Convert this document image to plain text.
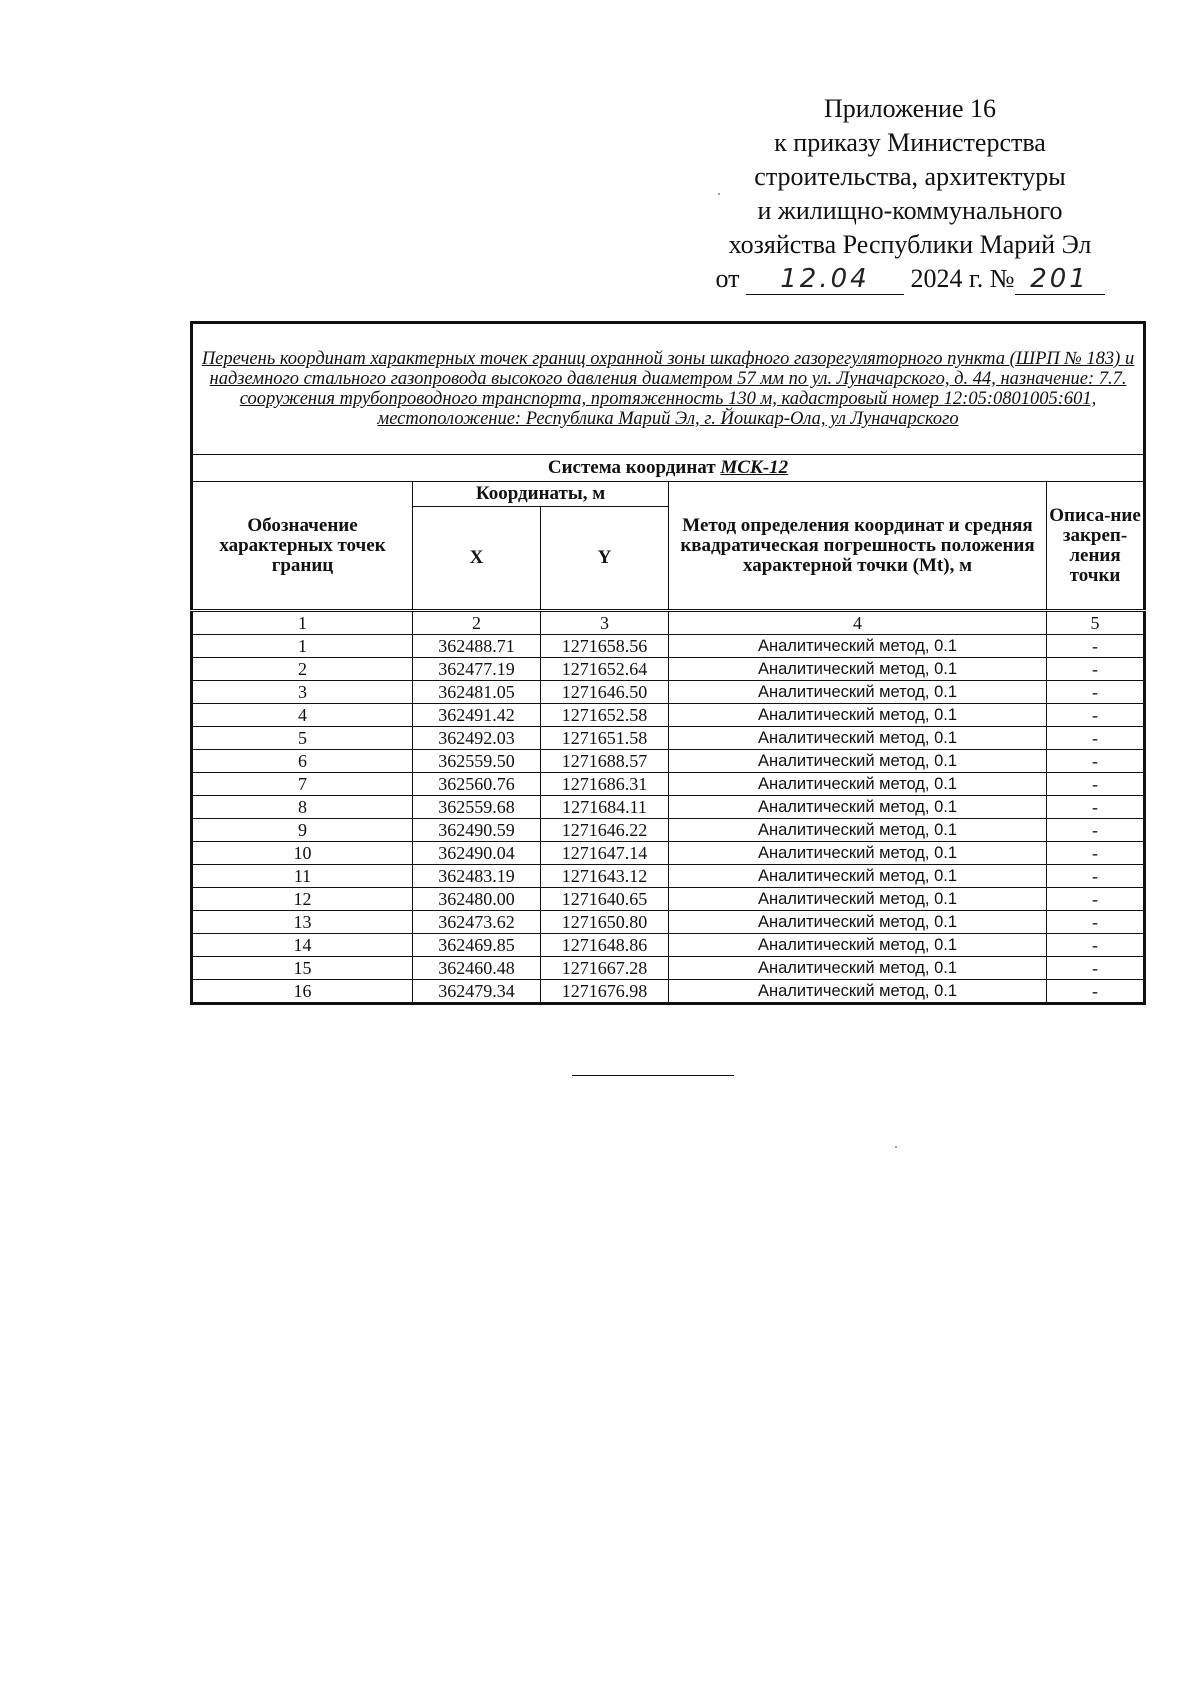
Приложение 16
к приказу Министерства
строительства, архитектуры
и жилищно-коммунального
хозяйства Республики Марий Эл
от 12.04 2024 г. № 201
Перечень координат характерных точек границ охранной зоны шкафного газорегуляторного пункта (ШРП № 183) и надземного стального газопровода высокого давления диаметром 57 мм по ул. Луначарского, д. 44, назначение: 7.7. сооружения трубопроводного транспорта, протяженность 130 м, кадастровый номер 12:05:0801005:601, местоположение: Республика Марий Эл, г. Йошкар-Ола, ул Луначарского				
Система координат МСК-12				
Обозначение характерных точек границ	Координаты, м		Метод определения координат и средняя квадратическая погрешность положения характерной точки (Mt), м	Описа-ние закреп-ления точки
	X	Y		
1	2	3	4	5
1	362488.71	1271658.56	Аналитический метод, 0.1	-
2	362477.19	1271652.64	Аналитический метод, 0.1	-
3	362481.05	1271646.50	Аналитический метод, 0.1	-
4	362491.42	1271652.58	Аналитический метод, 0.1	-
5	362492.03	1271651.58	Аналитический метод, 0.1	-
6	362559.50	1271688.57	Аналитический метод, 0.1	-
7	362560.76	1271686.31	Аналитический метод, 0.1	-
8	362559.68	1271684.11	Аналитический метод, 0.1	-
9	362490.59	1271646.22	Аналитический метод, 0.1	-
10	362490.04	1271647.14	Аналитический метод, 0.1	-
11	362483.19	1271643.12	Аналитический метод, 0.1	-
12	362480.00	1271640.65	Аналитический метод, 0.1	-
13	362473.62	1271650.80	Аналитический метод, 0.1	-
14	362469.85	1271648.86	Аналитический метод, 0.1	-
15	362460.48	1271667.28	Аналитический метод, 0.1	-
16	362479.34	1271676.98	Аналитический метод, 0.1	-
